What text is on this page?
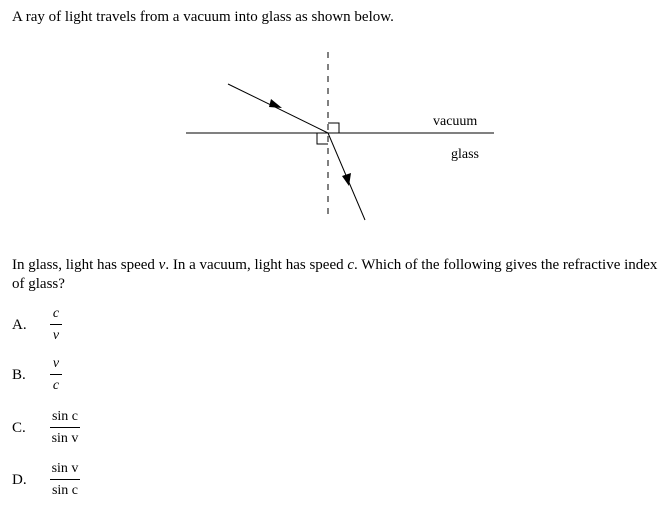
A ray of light travels from a vacuum into glass as shown below.
vacuum
glass
In glass, light has speed v. In a vacuum, light has speed c. Which of the following gives the refractive index of glass?
A.
c
v
B.
v
c
C.
sin c
sin v
D.
sin v
sin c
